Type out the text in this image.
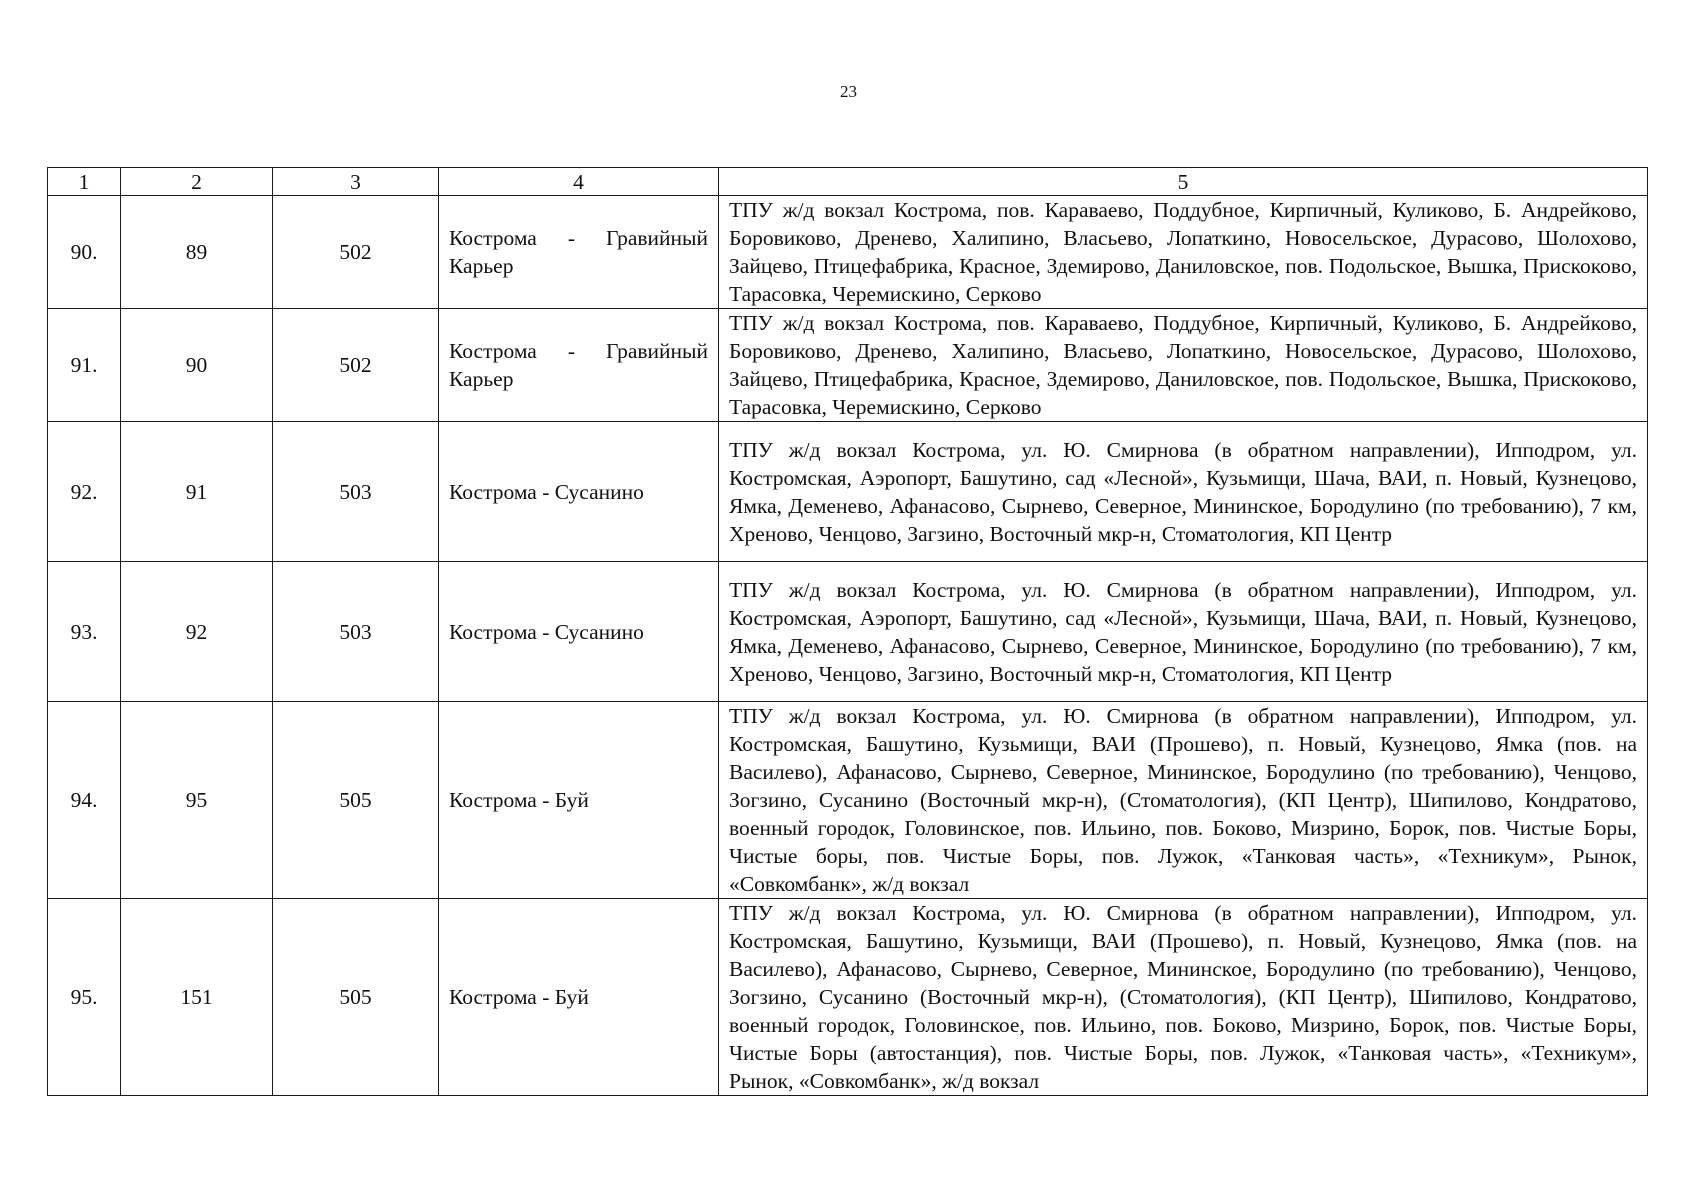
23
1	2	3	4	5
90.	89	502	Кострома - Гравийный Карьер	ТПУ ж/д вокзал Кострома, пов. Караваево, Поддубное, Кирпичный, Куликово, Б. Андрейково, Боровиково, Дренево, Халипино, Власьево, Лопаткино, Новосельское, Дурасово, Шолохово, Зайцево, Птицефабрика, Красное, Здемирово, Даниловское, пов. Подольское, Вышка, Прискоково, Тарасовка, Черемискино, Серково
91.	90	502	Кострома - Гравийный Карьер	ТПУ ж/д вокзал Кострома, пов. Караваево, Поддубное, Кирпичный, Куликово, Б. Андрейково, Боровиково, Дренево, Халипино, Власьево, Лопаткино, Новосельское, Дурасово, Шолохово, Зайцево, Птицефабрика, Красное, Здемирово, Даниловское, пов. Подольское, Вышка, Прискоково, Тарасовка, Черемискино, Серково
92.	91	503	Кострома - Сусанино	ТПУ ж/д вокзал Кострома, ул. Ю. Смирнова (в обратном направлении), Ипподром, ул. Костромская, Аэропорт, Башутино, сад «Лесной», Кузьмищи, Шача, ВАИ, п. Новый, Кузнецово, Ямка, Деменево, Афанасово, Сырнево, Северное, Мининское, Бородулино (по требованию), 7 км, Хреново, Ченцово, Загзино, Восточный мкр-н, Стоматология, КП Центр
93.	92	503	Кострома - Сусанино	ТПУ ж/д вокзал Кострома, ул. Ю. Смирнова (в обратном направлении), Ипподром, ул. Костромская, Аэропорт, Башутино, сад «Лесной», Кузьмищи, Шача, ВАИ, п. Новый, Кузнецово, Ямка, Деменево, Афанасово, Сырнево, Северное, Мининское, Бородулино (по требованию), 7 км, Хреново, Ченцово, Загзино, Восточный мкр-н, Стоматология, КП Центр
94.	95	505	Кострома - Буй	ТПУ ж/д вокзал Кострома, ул. Ю. Смирнова (в обратном направлении), Ипподром, ул. Костромская, Башутино, Кузьмищи, ВАИ (Прошево), п. Новый, Кузнецово, Ямка (пов. на Василево), Афанасово, Сырнево, Северное, Мининское, Бородулино (по требованию), Ченцово, Зогзино, Сусанино (Восточный мкр-н), (Стоматология), (КП Центр), Шипилово, Кондратово, военный городок, Головинское, пов. Ильино, пов. Боково, Мизрино, Борок, пов. Чистые Боры, Чистые боры, пов. Чистые Боры, пов. Лужок, «Танковая часть», «Техникум», Рынок, «Совкомбанк», ж/д вокзал
95.	151	505	Кострома - Буй	ТПУ ж/д вокзал Кострома, ул. Ю. Смирнова (в обратном направлении), Ипподром, ул. Костромская, Башутино, Кузьмищи, ВАИ (Прошево), п. Новый, Кузнецово, Ямка (пов. на Василево), Афанасово, Сырнево, Северное, Мининское, Бородулино (по требованию), Ченцово, Зогзино, Сусанино (Восточный мкр-н), (Стоматология), (КП Центр), Шипилово, Кондратово, военный городок, Головинское, пов. Ильино, пов. Боково, Мизрино, Борок, пов. Чистые Боры, Чистые Боры (автостанция), пов. Чистые Боры, пов. Лужок, «Танковая часть», «Техникум», Рынок, «Совкомбанк», ж/д вокзал
